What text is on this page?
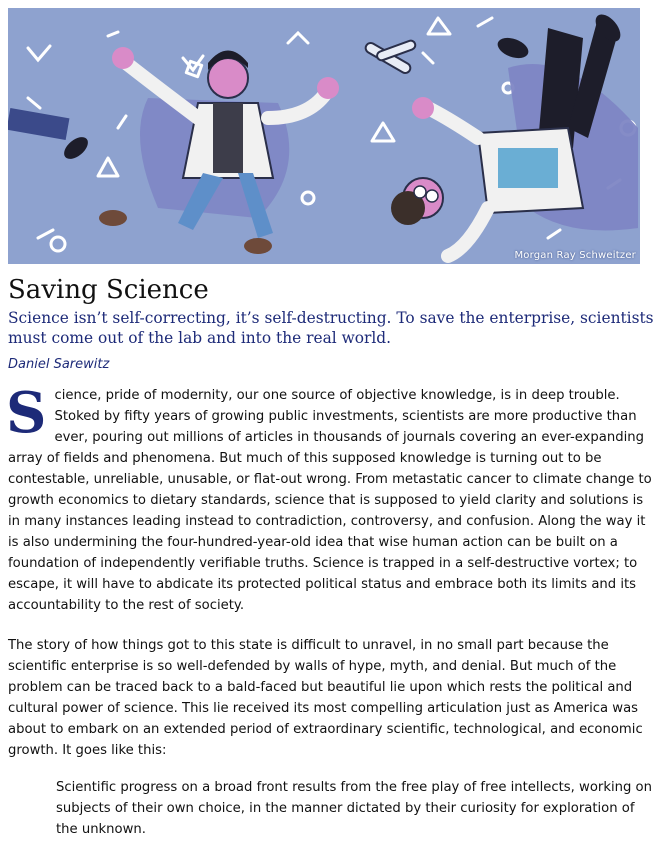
Morgan Ray Schweitzer
Saving Science

Science isn’t self-correcting, it’s self-destructing. To save the enterprise, scientists must come out of the lab and into the real world.

Daniel Sarewitz

Science, pride of modernity, our one source of objective knowledge, is in deep trouble. Stoked by fifty years of growing public investments, scientists are more productive than ever, pouring out millions of articles in thousands of journals covering an ever-expanding array of fields and phenomena. But much of this supposed knowledge is turning out to be contestable, unreliable, unusable, or flat-out wrong. From metastatic cancer to climate change to growth economics to dietary standards, science that is supposed to yield clarity and solutions is in many instances leading instead to contradiction, controversy, and confusion. Along the way it is also undermining the four-hundred-year-old idea that wise human action can be built on a foundation of independently verifiable truths. Science is trapped in a self-destructive vortex; to escape, it will have to abdicate its protected political status and embrace both its limits and its accountability to the rest of society.

The story of how things got to this state is difficult to unravel, in no small part because the scientific enterprise is so well-defended by walls of hype, myth, and denial. But much of the problem can be traced back to a bald-faced but beautiful lie upon which rests the political and cultural power of science. This lie received its most compelling articulation just as America was about to embark on an extended period of extraordinary scientific, technological, and economic growth. It goes like this:

Scientific progress on a broad front results from the free play of free intellects, working on subjects of their own choice, in the manner dictated by their curiosity for exploration of the unknown.
